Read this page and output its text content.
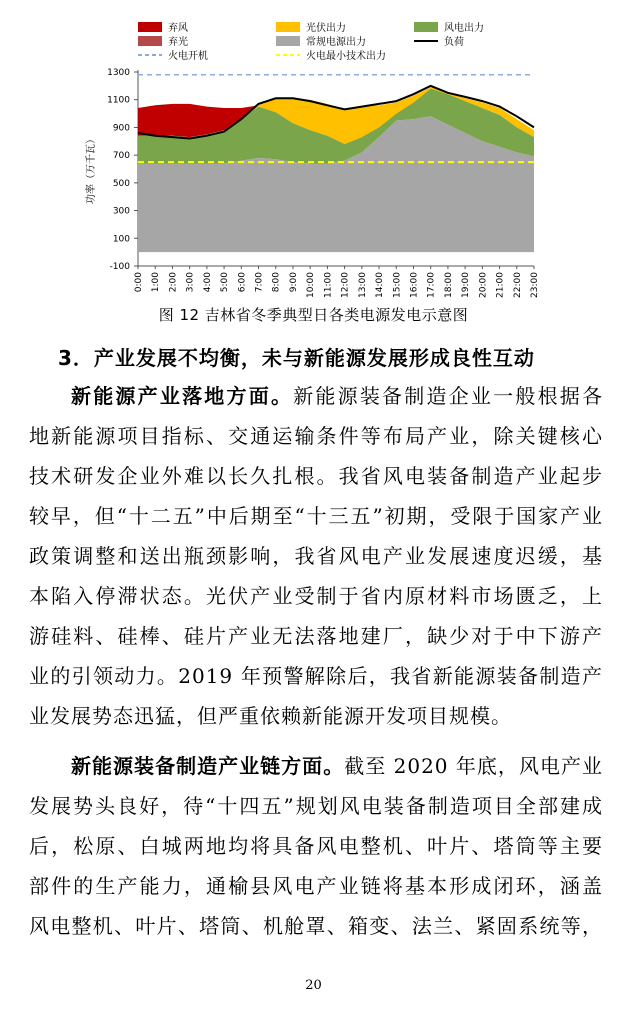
-100
100
300
500
700
900
1100
1300
0:00 1:00 2:00 3:00 4:00 5:00 6:00 7:00 8:00 9:00 10:00 11:00 12:00 13:00 14:00 15:00 16:00 17:00 18:00 19:00 20:00 21:00 22:00 23:00
功率（万千瓦）
弃风	光伏出力	风电出力
弃光	常规电源出力	负荷
火电开机	火电最小技术出力
图 12 吉林省冬季典型日各类电源发电示意图
3．产业发展不均衡，未与新能源发展形成良性互动
新能源产业落地方面。新能源装备制造企业一般根据各
地新能源项目指标、交通运输条件等布局产业，除关键核心
技术研发企业外难以长久扎根。我省风电装备制造产业起步
较早，但“十二五”中后期至“十三五”初期，受限于国家产业
政策调整和送出瓶颈影响，我省风电产业发展速度迟缓，基
本陷入停滞状态。光伏产业受制于省内原材料市场匮乏，上
游硅料、硅棒、硅片产业无法落地建厂，缺少对于中下游产
业的引领动力。2019 年预警解除后，我省新能源装备制造产
业发展势态迅猛，但严重依赖新能源开发项目规模。
新能源装备制造产业链方面。截至 2020 年底，风电产业
发展势头良好，待“十四五”规划风电装备制造项目全部建成
后，松原、白城两地均将具备风电整机、叶片、塔筒等主要
部件的生产能力，通榆县风电产业链将基本形成闭环，涵盖
风电整机、叶片、塔筒、机舱罩、箱变、法兰、紧固系统等，
20
